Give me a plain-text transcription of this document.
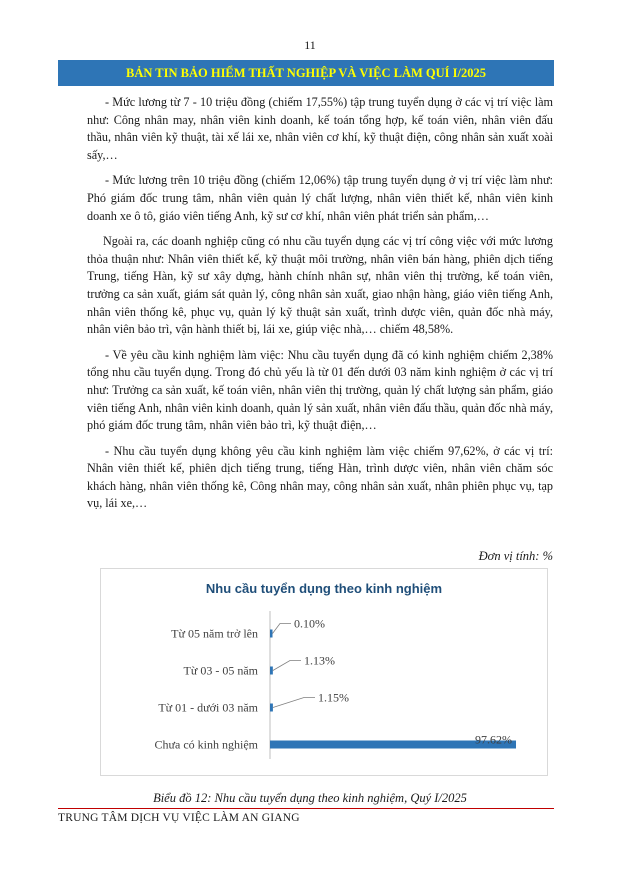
11
BẢN TIN BẢO HIỂM THẤT NGHIỆP VÀ VIỆC LÀM QUÍ I/2025

- Mức lương từ 7 - 10 triệu đồng (chiếm 17,55%) tập trung tuyển dụng ở các vị trí việc làm như: Công nhân may, nhân viên kinh doanh, kế toán tổng hợp, kế toán viên, nhân viên đấu thầu, nhân viên kỹ thuật, tài xế lái xe, nhân viên cơ khí, kỹ thuật điện, công nhân sản xuất xoài sấy,…

- Mức lương trên 10 triệu đồng (chiếm 12,06%) tập trung tuyển dụng ở vị trí việc làm như: Phó giám đốc trung tâm, nhân viên quản lý chất lượng, nhân viên thiết kế, nhân viên kinh doanh xe ô tô, giáo viên tiếng Anh, kỹ sư cơ khí, nhân viên phát triển sản phẩm,…

Ngoài ra, các doanh nghiệp cũng có nhu cầu tuyển dụng các vị trí công việc với mức lương thỏa thuận như: Nhân viên thiết kế, kỹ thuật môi trường, nhân viên bán hàng, phiên dịch tiếng Trung, tiếng Hàn, kỹ sư xây dựng, hành chính nhân sự, nhân viên thị trường, kế toán viên, trưởng ca sản xuất, giám sát quản lý, công nhân sản xuất, giao nhận hàng, giáo viên tiếng Anh, nhân viên thống kê, phục vụ, quản lý kỹ thuật sản xuất, trình dược viên, quản đốc nhà máy, nhân viên bảo trì, vận hành thiết bị, lái xe, giúp việc nhà,… chiếm 48,58%.

- Về yêu cầu kinh nghiệm làm việc: Nhu cầu tuyển dụng đã có kinh nghiệm chiếm 2,38% tổng nhu cầu tuyển dụng. Trong đó chủ yếu là từ 01 đến dưới 03 năm kinh nghiệm ở các vị trí như: Trưởng ca sản xuất, kế toán viên, nhân viên thị trường, quản lý chất lượng sản phẩm, giáo viên tiếng Anh, nhân viên kinh doanh, quản lý sản xuất, nhân viên đấu thầu, quản đốc nhà máy, phó giám đốc trung tâm, nhân viên bảo trì, kỹ thuật điện,…

- Nhu cầu tuyển dụng không yêu cầu kinh nghiệm làm việc chiếm 97,62%, ở các vị trí: Nhân viên thiết kế, phiên dịch tiếng trung, tiếng Hàn, trình dược viên, nhân viên chăm sóc khách hàng, nhân viên thống kê, Công nhân may, công nhân sản xuất, nhân phiên phục vụ, tạp vụ, lái xe,…

Đơn vị tính: %
Nhu cầu tuyển dụng theo kinh nghiệm
Từ 05 năm trở lên
0.10%
Từ 03 - 05 năm
1.13%
Từ 01 - dưới 03 năm
1.15%
Chưa có kinh nghiệm	97.62%
Biểu đồ 12: Nhu cầu tuyển dụng theo kinh nghiệm, Quý I/2025
TRUNG TÂM DỊCH VỤ VIỆC LÀM AN GIANG
